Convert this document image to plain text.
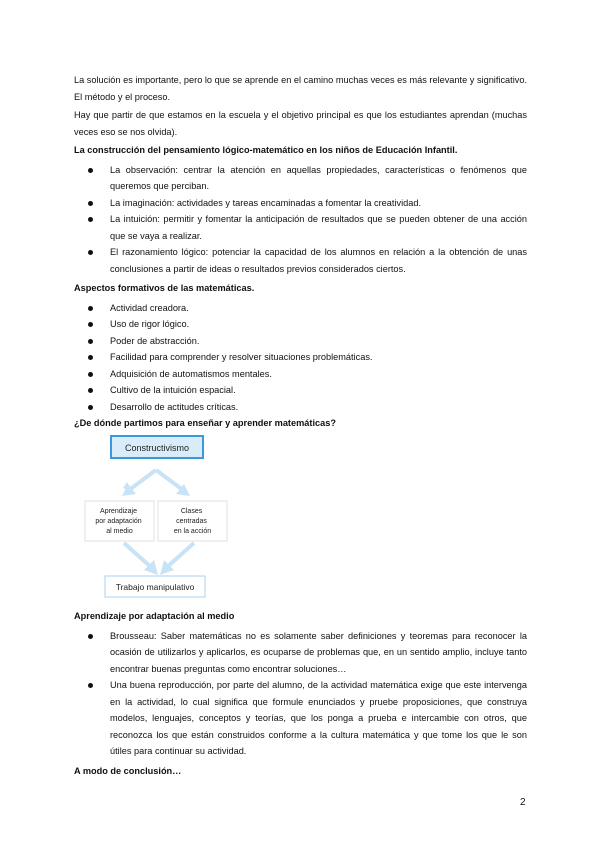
La solución es importante, pero lo que se aprende en el camino muchas veces es más relevante y significativo. El método y el proceso.

Hay que partir de que estamos en la escuela y el objetivo principal es que los estudiantes aprendan (muchas veces eso se nos olvida).

La construcción del pensamiento lógico-matemático en los niños de Educación Infantil.

La observación: centrar la atención en aquellas propiedades, características o fenómenos que queremos que perciban.
La imaginación: actividades y tareas encaminadas a fomentar la creatividad.
La intuición: permitir y fomentar la anticipación de resultados que se pueden obtener de una acción que se vaya a realizar.
El razonamiento lógico: potenciar la capacidad de los alumnos en relación a la obtención de unas conclusiones a partir de ideas o resultados previos considerados ciertos.

Aspectos formativos de las matemáticas.

Actividad creadora.
Uso de rigor lógico.
Poder de abstracción.
Facilidad para comprender y resolver situaciones problemáticas.
Adquisición de automatismos mentales.
Cultivo de la intuición espacial.
Desarrollo de actitudes críticas.

¿De dónde partimos para enseñar y aprender matemáticas?

Constructivismo
Aprendizaje por adaptación al medio
Clases centradas en la acción
Trabajo manipulativo

Aprendizaje por adaptación al medio

Brousseau: Saber matemáticas no es solamente saber definiciones y teoremas para reconocer la ocasión de utilizarlos y aplicarlos, es ocuparse de problemas que, en un sentido amplio, incluye tanto encontrar buenas preguntas como encontrar soluciones…
Una buena reproducción, por parte del alumno, de la actividad matemática exige que este intervenga en la actividad, lo cual significa que formule enunciados y pruebe proposiciones, que construya modelos, lenguajes, conceptos y teorías, que los ponga a prueba e intercambie con otros, que reconozca los que están construidos conforme a la cultura matemática y que tome los que le son útiles para continuar su actividad.

A modo de conclusión…

2
